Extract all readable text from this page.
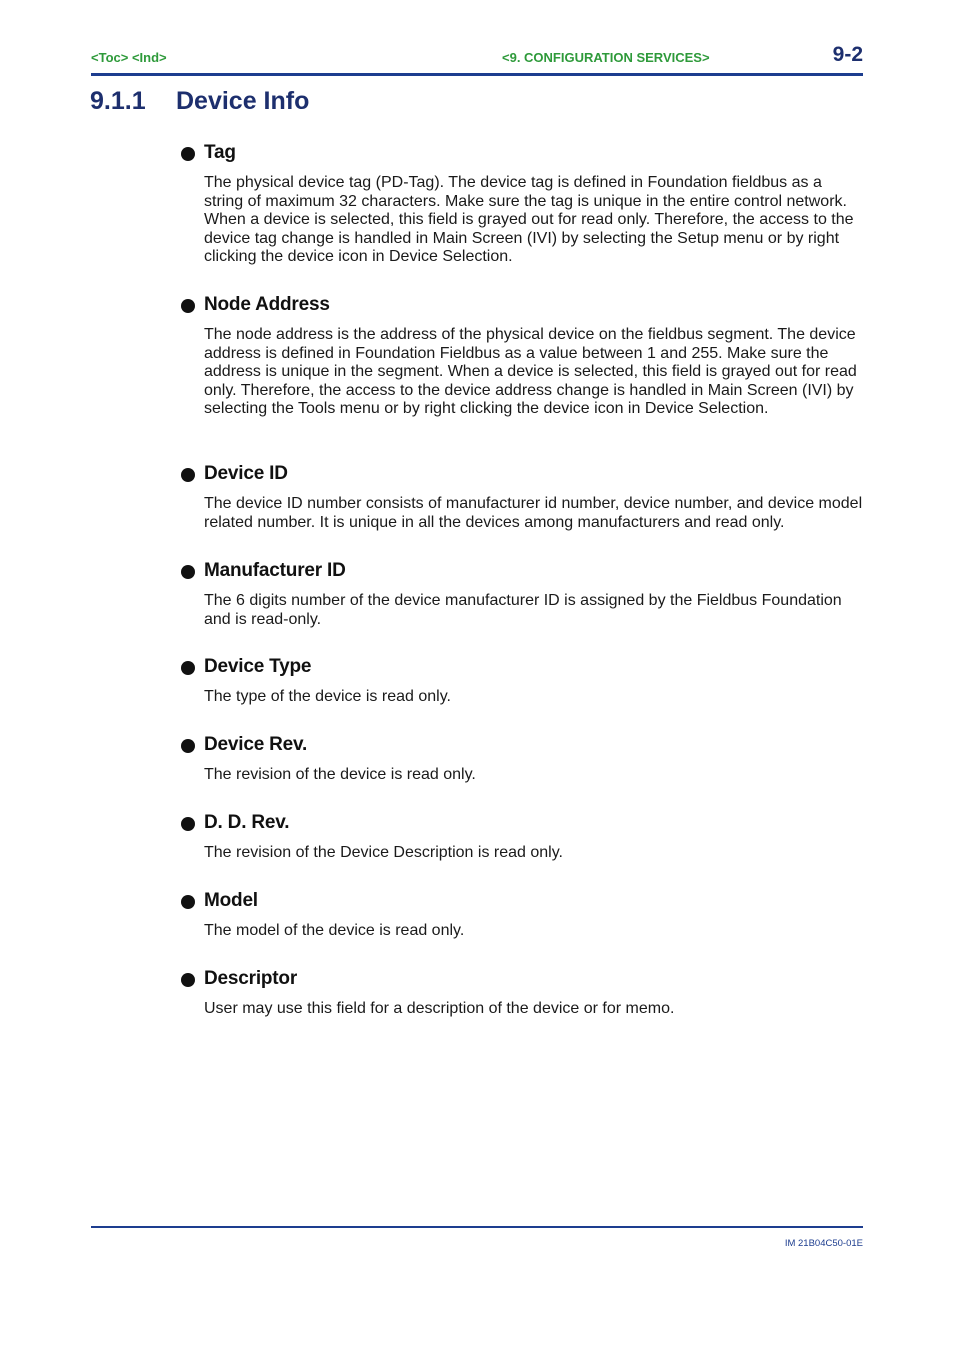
<Toc> <Ind>	<9. CONFIGURATION SERVICES>	9-2
9.1.1 Device Info
Tag

The physical device tag (PD-Tag). The device tag is defined in Foundation fieldbus as a string of maximum 32 characters. Make sure the tag is unique in the entire control network. When a device is selected, this field is grayed out for read only. Therefore, the access to the device tag change is handled in Main Screen (IVI) by selecting the Setup menu or by right clicking the device icon in Device Selection.

Node Address

The node address is the address of the physical device on the fieldbus segment. The device address is defined in Foundation Fieldbus as a value between 1 and 255. Make sure the address is unique in the segment. When a device is selected, this field is grayed out for read only. Therefore, the access to the device address change is handled in Main Screen (IVI) by selecting the Tools menu or by right clicking the device icon in Device Selection.

Device ID

The device ID number consists of manufacturer id number, device number, and device model related number. It is unique in all the devices among manufacturers and read only.

Manufacturer ID

The 6 digits number of the device manufacturer ID is assigned by the Fieldbus Foundation and is read-only.

Device Type

The type of the device is read only.

Device Rev.

The revision of the device is read only.

D. D. Rev.

The revision of the Device Description is read only.

Model

The model of the device is read only.

Descriptor

User may use this field for a description of the device or for memo.

IM 21B04C50-01E
